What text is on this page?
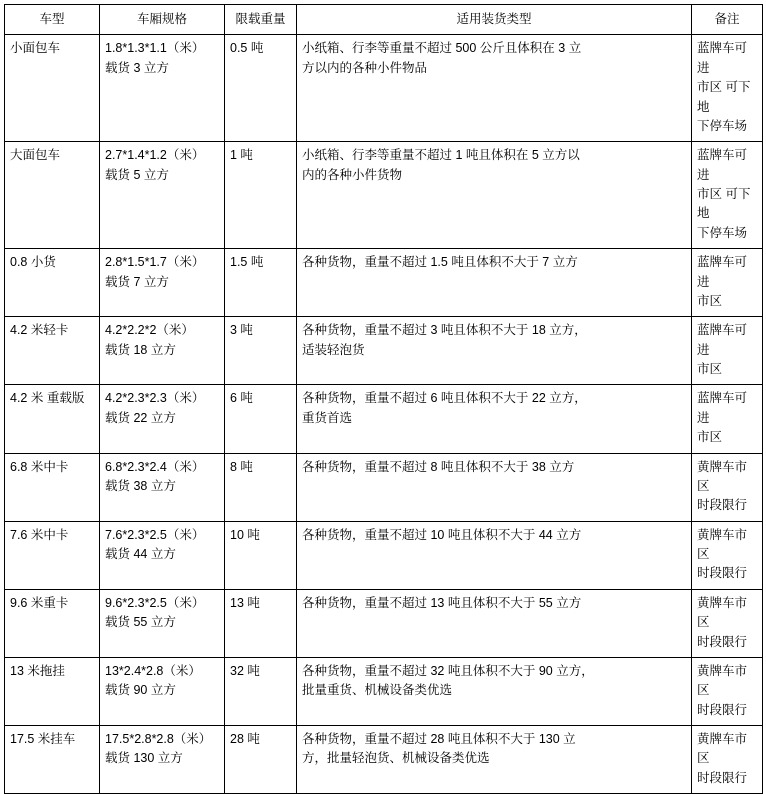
车型	车厢规格	限载重量	适用装货类型	备注

小面包车	1.8*1.3*1.1（米）
载货 3 立方	0.5 吨	小纸箱、行李等重量不超过 500 公斤且体积在 3 立
方以内的各种小件物品	蓝牌车可进
市区 可下地
下停车场

大面包车	2.7*1.4*1.2（米）
载货 5 立方	1 吨	小纸箱、行李等重量不超过 1 吨且体积在 5 立方以
内的各种小件货物	蓝牌车可进
市区 可下地
下停车场

0.8 小货	2.8*1.5*1.7（米）
载货 7 立方	1.5 吨	各种货物，重量不超过 1.5 吨且体积不大于 7 立方	蓝牌车可进
市区

4.2 米轻卡	4.2*2.2*2（米）
载货 18 立方	3 吨	各种货物，重量不超过 3 吨且体积不大于 18 立方，
适装轻泡货	蓝牌车可进
市区

4.2 米 重载版	4.2*2.3*2.3（米）
载货 22 立方	6 吨	各种货物，重量不超过 6 吨且体积不大于 22 立方，
重货首选	蓝牌车可进
市区

6.8 米中卡	6.8*2.3*2.4（米）
载货 38 立方	8 吨	各种货物，重量不超过 8 吨且体积不大于 38 立方	黄牌车市区
时段限行

7.6 米中卡	7.6*2.3*2.5（米）
载货 44 立方	10 吨	各种货物，重量不超过 10 吨且体积不大于 44 立方	黄牌车市区
时段限行

9.6 米重卡	9.6*2.3*2.5（米）
载货 55 立方	13 吨	各种货物，重量不超过 13 吨且体积不大于 55 立方	黄牌车市区
时段限行

13 米拖挂	13*2.4*2.8（米）
载货 90 立方	32 吨	各种货物，重量不超过 32 吨且体积不大于 90 立方，
批量重货、机械设备类优选	黄牌车市区
时段限行

17.5 米挂车	17.5*2.8*2.8（米）
载货 130 立方	28 吨	各种货物，重量不超过 28 吨且体积不大于 130 立
方，批量轻泡货、机械设备类优选	黄牌车市区
时段限行
